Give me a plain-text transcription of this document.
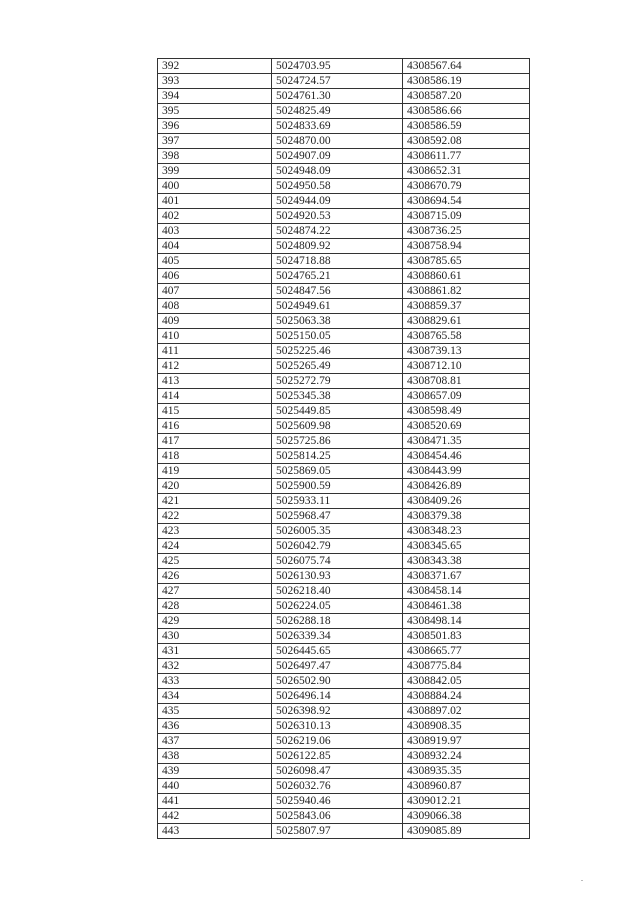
392	5024703.95	4308567.64
393	5024724.57	4308586.19
394	5024761.30	4308587.20
395	5024825.49	4308586.66
396	5024833.69	4308586.59
397	5024870.00	4308592.08
398	5024907.09	4308611.77
399	5024948.09	4308652.31
400	5024950.58	4308670.79
401	5024944.09	4308694.54
402	5024920.53	4308715.09
403	5024874.22	4308736.25
404	5024809.92	4308758.94
405	5024718.88	4308785.65
406	5024765.21	4308860.61
407	5024847.56	4308861.82
408	5024949.61	4308859.37
409	5025063.38	4308829.61
410	5025150.05	4308765.58
411	5025225.46	4308739.13
412	5025265.49	4308712.10
413	5025272.79	4308708.81
414	5025345.38	4308657.09
415	5025449.85	4308598.49
416	5025609.98	4308520.69
417	5025725.86	4308471.35
418	5025814.25	4308454.46
419	5025869.05	4308443.99
420	5025900.59	4308426.89
421	5025933.11	4308409.26
422	5025968.47	4308379.38
423	5026005.35	4308348.23
424	5026042.79	4308345.65
425	5026075.74	4308343.38
426	5026130.93	4308371.67
427	5026218.40	4308458.14
428	5026224.05	4308461.38
429	5026288.18	4308498.14
430	5026339.34	4308501.83
431	5026445.65	4308665.77
432	5026497.47	4308775.84
433	5026502.90	4308842.05
434	5026496.14	4308884.24
435	5026398.92	4308897.02
436	5026310.13	4308908.35
437	5026219.06	4308919.97
438	5026122.85	4308932.24
439	5026098.47	4308935.35
440	5026032.76	4308960.87
441	5025940.46	4309012.21
442	5025843.06	4309066.38
443	5025807.97	4309085.89
